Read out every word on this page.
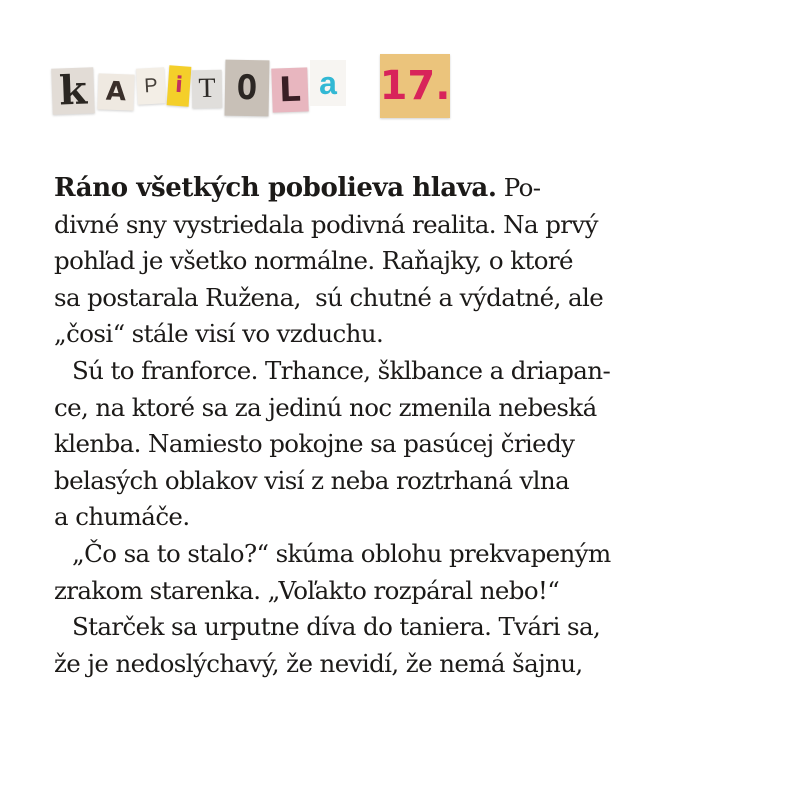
k A P i T O L a 17.
Ráno všetkých pobolieva hlava. Po-
divné sny vystriedala podivná realita. Na prvý
pohľad je všetko normálne. Raňajky, o ktoré
sa postarala Ružena,  sú chutné a výdatné, ale
„čosi“ stále visí vo vzduchu.
Sú to franforce. Trhance, šklbance a driapan-
ce, na ktoré sa za jedinú noc zmenila nebeská
klenba. Namiesto pokojne sa pasúcej čriedy
belasých oblakov visí z neba roztrhaná vlna
a chumáče.
„Čo sa to stalo?“ skúma oblohu prekvapeným
zrakom starenka. „Voľakto rozpáral nebo!“
Starček sa urputne díva do taniera. Tvári sa,
že je nedoslýchavý, že nevidí, že nemá šajnu,
